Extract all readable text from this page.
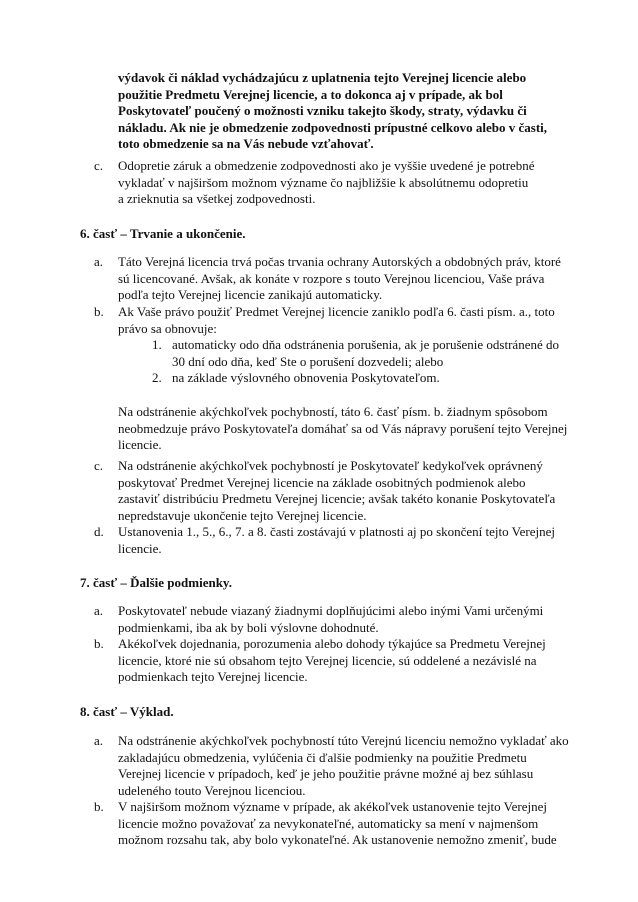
výdavok či náklad vychádzajúcu z uplatnenia tejto Verejnej licencie alebo
použitie Predmetu Verejnej licencie, a to dokonca aj v prípade, ak bol
Poskytovateľ poučený o možnosti vzniku takejto škody, straty, výdavku či
nákladu. Ak nie je obmedzenie zodpovednosti prípustné celkovo alebo v časti,
toto obmedzenie sa na Vás nebude vzťahovať.
c. Odopretie záruk a obmedzenie zodpovednosti ako je vyššie uvedené je potrebné
vykladať v najširšom možnom význame čo najbližšie k absolútnemu odopretiu
a zrieknutia sa všetkej zodpovednosti.
6. časť – Trvanie a ukončenie.
a. Táto Verejná licencia trvá počas trvania ochrany Autorských a obdobných práv, ktoré
sú licencované. Avšak, ak konáte v rozpore s touto Verejnou licenciou, Vaše práva
podľa tejto Verejnej licencie zanikajú automaticky.
b. Ak Vaše právo použiť Predmet Verejnej licencie zaniklo podľa 6. časti písm. a., toto
právo sa obnovuje:
1. automaticky odo dňa odstránenia porušenia, ak je porušenie odstránené do
30 dní odo dňa, keď Ste o porušení dozvedeli; alebo
2. na základe výslovného obnovenia Poskytovateľom.
Na odstránenie akýchkoľvek pochybností, táto 6. časť písm. b. žiadnym spôsobom
neobmedzuje právo Poskytovateľa domáhať sa od Vás nápravy porušení tejto Verejnej
licencie.
c. Na odstránenie akýchkoľvek pochybností je Poskytovateľ kedykoľvek oprávnený
poskytovať Predmet Verejnej licencie na základe osobitných podmienok alebo
zastaviť distribúciu Predmetu Verejnej licencie; avšak takéto konanie Poskytovateľa
nepredstavuje ukončenie tejto Verejnej licencie.
d. Ustanovenia 1., 5., 6., 7. a 8. časti zostávajú v platnosti aj po skončení tejto Verejnej
licencie.
7. časť – Ďalšie podmienky.
a. Poskytovateľ nebude viazaný žiadnymi doplňujúcimi alebo inými Vami určenými
podmienkami, iba ak by boli výslovne dohodnuté.
b. Akékoľvek dojednania, porozumenia alebo dohody týkajúce sa Predmetu Verejnej
licencie, ktoré nie sú obsahom tejto Verejnej licencie, sú oddelené a nezávislé na
podmienkach tejto Verejnej licencie.
8. časť – Výklad.
a. Na odstránenie akýchkoľvek pochybností túto Verejnú licenciu nemožno vykladať ako
zakladajúcu obmedzenia, vylúčenia či ďalšie podmienky na použitie Predmetu
Verejnej licencie v prípadoch, keď je jeho použitie právne možné aj bez súhlasu
udeleného touto Verejnou licenciou.
b. V najširšom možnom význame v prípade, ak akékoľvek ustanovenie tejto Verejnej
licencie možno považovať za nevykonateľné, automaticky sa mení v najmenšom
možnom rozsahu tak, aby bolo vykonateľné. Ak ustanovenie nemožno zmeniť, bude
